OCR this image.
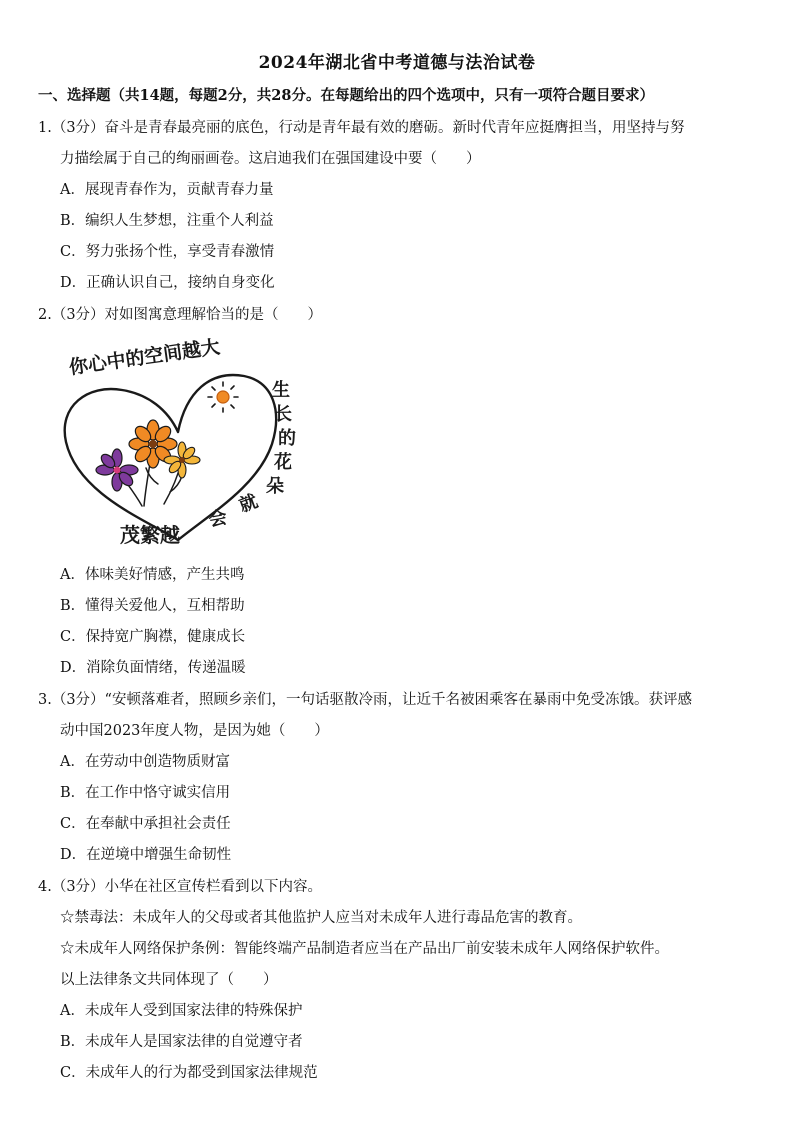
2024年湖北省中考道德与法治试卷
一、选择题（共14题，每题2分，共28分。在每题给出的四个选项中，只有一项符合题目要求）
1.（3分）奋斗是青春最亮丽的底色，行动是青年最有效的磨砺。新时代青年应挺膺担当，用坚持与努
力描绘属于自己的绚丽画卷。这启迪我们在强国建设中要（　　）
A．展现青春作为，贡献青春力量
B．编织人生梦想，注重个人利益
C．努力张扬个性，享受青春激情
D．正确认识自己，接纳自身变化
2.（3分）对如图寓意理解恰当的是（　　）
你心中的空间越大
生
长
的
花
朵
就
会
茂繁越
A．体味美好情感，产生共鸣
B．懂得关爱他人，互相帮助
C．保持宽广胸襟，健康成长
D．消除负面情绪，传递温暖
3.（3分）“安顿落难者，照顾乡亲们，一句话驱散冷雨，让近千名被困乘客在暴雨中免受冻饿。获评感
动中国2023年度人物，是因为她（　　）
A．在劳动中创造物质财富
B．在工作中恪守诚实信用
C．在奉献中承担社会责任
D．在逆境中增强生命韧性
4.（3分）小华在社区宣传栏看到以下内容。
☆禁毒法：未成年人的父母或者其他监护人应当对未成年人进行毒品危害的教育。
☆未成年人网络保护条例：智能终端产品制造者应当在产品出厂前安装未成年人网络保护软件。
以上法律条文共同体现了（　　）
A．未成年人受到国家法律的特殊保护
B．未成年人是国家法律的自觉遵守者
C．未成年人的行为都受到国家法律规范
